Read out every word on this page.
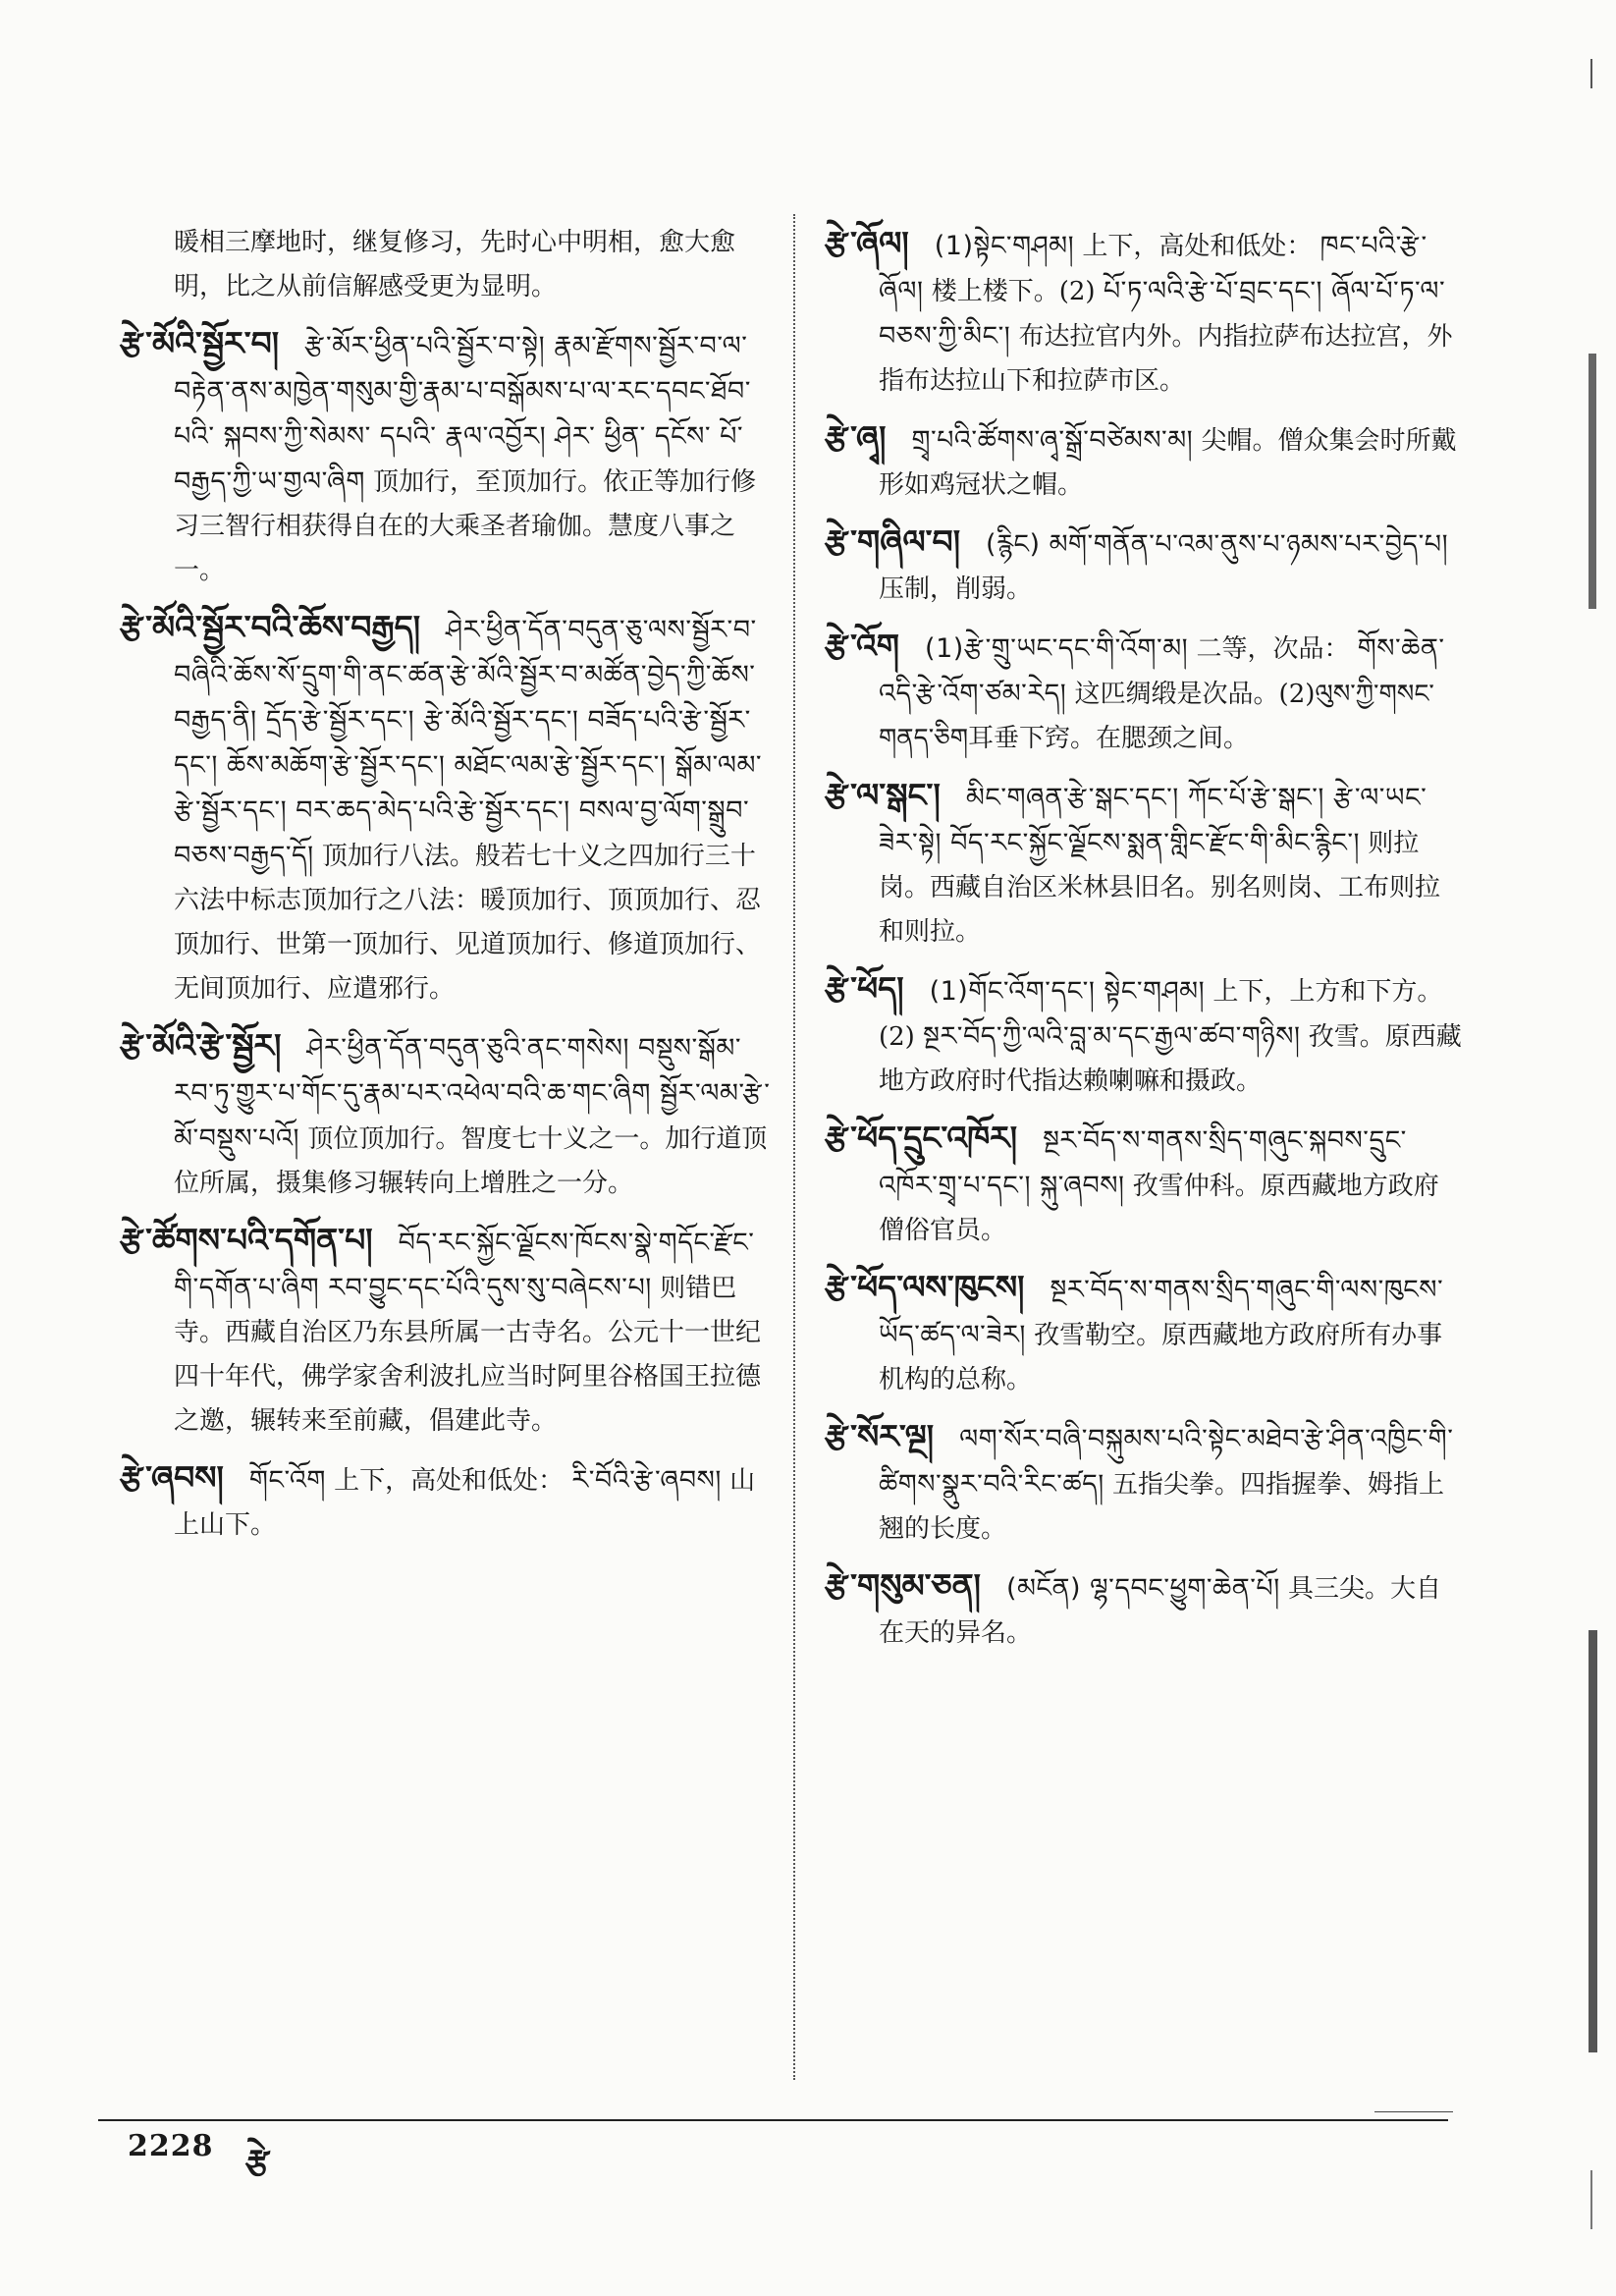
暖相三摩地时，继复修习，先时心中明相，愈大愈明，比之从前信解感受更为显明。
རྩེ་མོའི་སྦྱོར་བ།  རྩེ་མོར་ཕྱིན་པའི་སྦྱོར་བ་སྟེ། རྣམ་རྫོགས་སྦྱོར་བ་ལ་བརྟེན་ནས་མཁྱེན་གསུམ་གྱི་རྣམ་པ་བསྒོམས་པ་ལ་རང་དབང་ཐོབ་པའི་ སྐབས་ཀྱི་སེམས་ དཔའི་ རྣལ་འབྱོར། ཤེར་ ཕྱིན་ དངོས་ པོ་བརྒྱད་ཀྱི་ཡ་གྱལ་ཞིག 顶加行，至顶加行。依正等加行修习三智行相获得自在的大乘圣者瑜伽。慧度八事之一。
རྩེ་མོའི་སྦྱོར་བའི་ཆོས་བརྒྱད།  ཤེར་ཕྱིན་དོན་བདུན་ཅུ་ལས་སྦྱོར་བ་བཞིའི་ཆོས་སོ་དྲུག་གི་ནང་ཚན་རྩེ་མོའི་སྦྱོར་བ་མཚོན་བྱེད་ཀྱི་ཆོས་བརྒྱད་ནི། དྲོད་རྩེ་སྦྱོར་དང་། རྩེ་མོའི་སྦྱོར་དང་། བཟོད་པའི་རྩེ་སྦྱོར་དང་། ཆོས་མཆོག་རྩེ་སྦྱོར་དང་། མཐོང་ལམ་རྩེ་སྦྱོར་དང་། སྒོམ་ལམ་རྩེ་སྦྱོར་དང་། བར་ཆད་མེད་པའི་རྩེ་སྦྱོར་དང་། བསལ་བྱ་ལོག་སྒྲུབ་བཅས་བརྒྱད་དོ། 顶加行八法。般若七十义之四加行三十六法中标志顶加行之八法：暖顶加行、顶顶加行、忍顶加行、世第一顶加行、见道顶加行、修道顶加行、无间顶加行、应遣邪行。
རྩེ་མོའི་རྩེ་སྦྱོར།  ཤེར་ཕྱིན་དོན་བདུན་ཅུའི་ནང་གསེས། བསྡུས་སྒོམ་རབ་ཏུ་གྱུར་པ་གོང་དུ་རྣམ་པར་འཕེལ་བའི་ཆ་གང་ཞིག སྦྱོར་ལམ་རྩེ་མོ་བསྡུས་པའོ། 顶位顶加行。智度七十义之一。加行道顶位所属，摄集修习辗转向上增胜之一分。
རྩེ་ཚོགས་པའི་དགོན་པ།  བོད་རང་སྐྱོང་ལྗོངས་ཁོངས་སྣེ་གདོང་རྫོང་གི་དགོན་པ་ཞིག རབ་བྱུང་དང་པོའི་དུས་སུ་བཞེངས་པ། 则错巴寺。西藏自治区乃东县所属一古寺名。公元十一世纪四十年代，佛学家舍利波扎应当时阿里谷格国王拉德之邀，辗转来至前藏，倡建此寺。
རྩེ་ཞབས།  གོང་འོག 上下，高处和低处： རི་བོའི་རྩེ་ཞབས། 山上山下。
རྩེ་ཞོལ།  (1)སྟེང་གཤམ། 上下，高处和低处： ཁང་པའི་རྩེ་ཞོལ། 楼上楼下。(2) པོ་ཏ་ལའི་རྩེ་པོ་བྲང་དང་། ཞོལ་པོ་ཏ་ལ་བཅས་ཀྱི་མིང་། 布达拉官内外。内指拉萨布达拉宫，外指布达拉山下和拉萨市区。
རྩེ་ཞྭ།  གྲྭ་པའི་ཚོགས་ཞྭ་སྒྲོ་བཙེམས་མ། 尖帽。僧众集会时所戴形如鸡冠状之帽。
རྩེ་གཞིལ་བ།  (རྙིང) མགོ་གནོན་པ་འམ་ནུས་པ་ཉམས་པར་བྱེད་པ། 压制，削弱。
རྩེ་འོག  (1)རྩེ་གྲུ་ཡང་དང་གི་འོག་མ། 二等，次品： གོས་ཆེན་འདི་རྩེ་འོག་ཙམ་རེད། 这匹绸缎是次品。(2)ལུས་ཀྱི་གསང་གནད་ཅིག耳垂下窍。在腮颈之间。
རྩེ་ལ་སྒང་།  མིང་གཞན་རྩེ་སྒང་དང་། ཀོང་པོ་རྩེ་སྒང་། རྩེ་ལ་ཡང་ཟེར་སྟེ། བོད་རང་སྐྱོང་ལྗོངས་སྨན་གླིང་རྫོང་གི་མིང་རྙིང་། 则拉岗。西藏自治区米林县旧名。别名则岗、工布则拉和则拉。
རྩེ་ཕོད།  (1)གོང་འོག་དང་། སྟེང་གཤམ། 上下，上方和下方。(2) སྔར་བོད་ཀྱི་ལའི་བླ་མ་དང་རྒྱལ་ཚབ་གཉིས། 孜雪。原西藏地方政府时代指达赖喇嘛和摄政。
རྩེ་ཕོད་དྲུང་འཁོར།  སྔར་བོད་ས་གནས་སྲིད་གཞུང་སྐབས་དྲུང་འཁོར་གྲྭ་པ་དང་། སྐུ་ཞབས། 孜雪仲科。原西藏地方政府僧俗官员。
རྩེ་ཕོད་ལས་ཁུངས།  སྔར་བོད་ས་གནས་སྲིད་གཞུང་གི་ལས་ཁུངས་ཡོད་ཚད་ལ་ཟེར། 孜雪勒空。原西藏地方政府所有办事机构的总称。
རྩེ་སོར་ལྔ།  ལག་སོར་བཞི་བསྐུམས་པའི་སྟེང་མཐེབ་རྩེ་ཤིན་འཁྱིང་གི་ཚིགས་སྣུར་བའི་རིང་ཚད། 五指尖拳。四指握拳、姆指上翘的长度。
རྩེ་གསུམ་ཅན།  (མངོན) ལྷ་དབང་ཕྱུག་ཆེན་པོ། 具三尖。大自在天的异名。
2228 རྩེ
